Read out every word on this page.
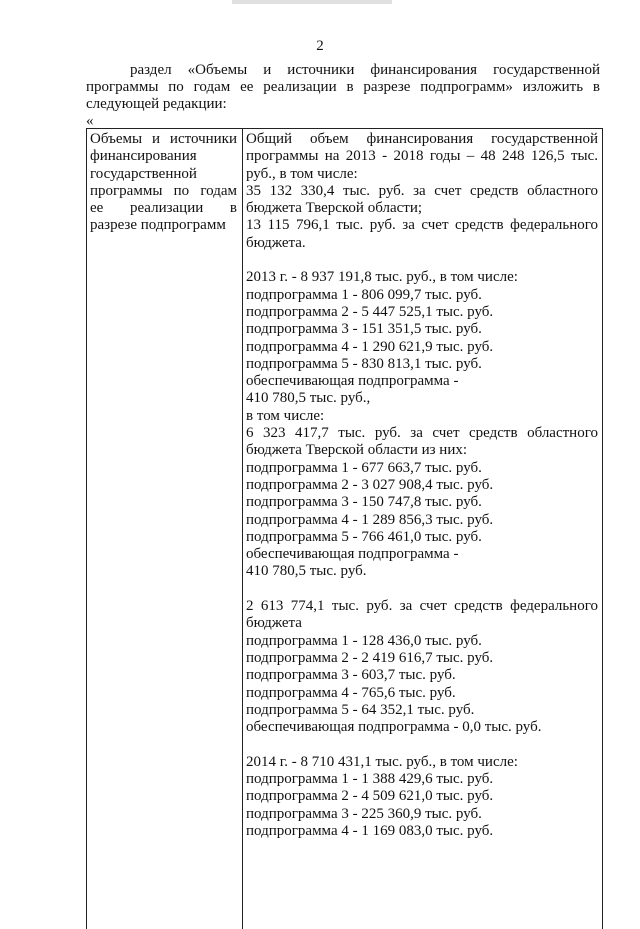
2

раздел «Объемы и источники финансирования государственной программы по годам ее реализации в разрезе подпрограмм» изложить в следующей редакции:

«
Объемы и источники финансирования государственной программы по годам ее реализации в разрезе подпрограмм

Общий объем финансирования государственной программы на 2013 - 2018 годы – 48 248 126,5 тыс. руб., в том числе:

35 132 330,4 тыс. руб. за счет средств областного бюджета Тверской области;

13 115 796,1 тыс. руб. за счет средств федерального бюджета.

2013 г. - 8 937 191,8 тыс. руб., в том числе:
подпрограмма 1 - 806 099,7 тыс. руб.
подпрограмма 2 - 5 447 525,1 тыс. руб.
подпрограмма 3 - 151 351,5 тыс. руб.
подпрограмма 4 - 1 290 621,9 тыс. руб.
подпрограмма 5 - 830 813,1 тыс. руб.
обеспечивающая подпрограмма -
410 780,5 тыс. руб.,
в том числе:

6 323 417,7 тыс. руб. за счет средств областного бюджета Тверской области из них:

подпрограмма 1 - 677 663,7 тыс. руб.
подпрограмма 2 - 3 027 908,4 тыс. руб.
подпрограмма 3 - 150 747,8 тыс. руб.
подпрограмма 4 - 1 289 856,3 тыс. руб.
подпрограмма 5 - 766 461,0 тыс. руб.
обеспечивающая подпрограмма -
410 780,5 тыс. руб.

2 613 774,1 тыс. руб. за счет средств федерального бюджета

подпрограмма 1 - 128 436,0 тыс. руб.
подпрограмма 2 - 2 419 616,7 тыс. руб.
подпрограмма 3 - 603,7 тыс. руб.
подпрограмма 4 - 765,6 тыс. руб.
подпрограмма 5 - 64 352,1 тыс. руб.
обеспечивающая подпрограмма - 0,0 тыс. руб.
2014 г. - 8 710 431,1 тыс. руб., в том числе:
подпрограмма 1 - 1 388 429,6 тыс. руб.
подпрограмма 2 - 4 509 621,0 тыс. руб.
подпрограмма 3 - 225 360,9 тыс. руб.
подпрограмма 4 - 1 169 083,0 тыс. руб.
